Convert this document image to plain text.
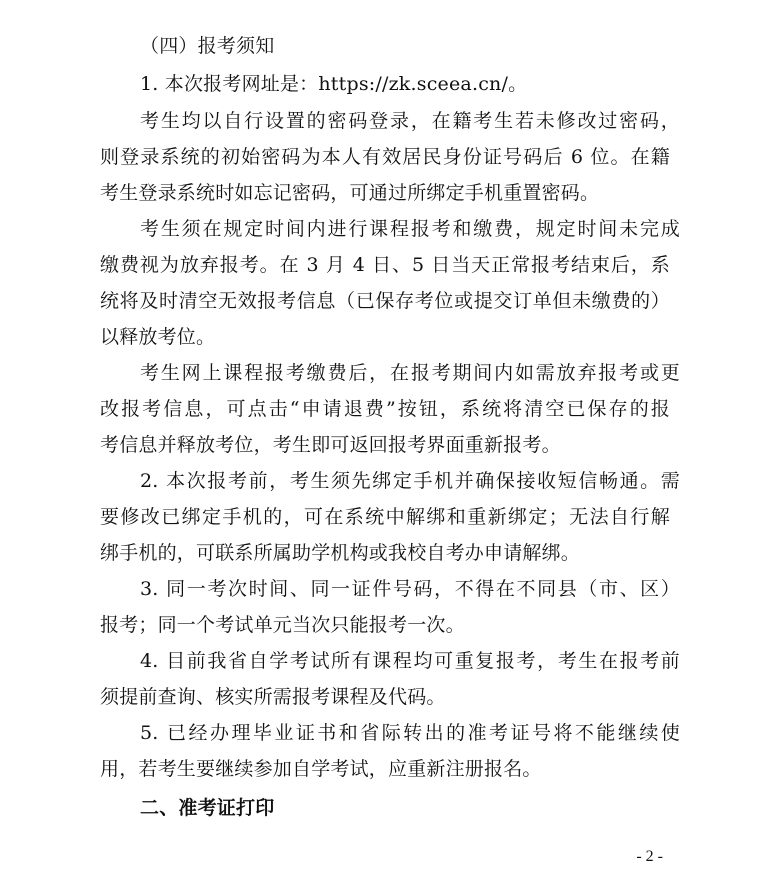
（四）报考须知

1. 本次报考网址是：https://zk.sceea.cn/。

考生均以自行设置的密码登录，在籍考生若未修改过密码，

则登录系统的初始密码为本人有效居民身份证号码后 6 位。在籍

考生登录系统时如忘记密码，可通过所绑定手机重置密码。

考生须在规定时间内进行课程报考和缴费，规定时间未完成

缴费视为放弃报考。在 3 月 4 日、5 日当天正常报考结束后，系

统将及时清空无效报考信息（已保存考位或提交订单但未缴费的）

以释放考位。

考生网上课程报考缴费后，在报考期间内如需放弃报考或更

改报考信息，可点击“申请退费”按钮，系统将清空已保存的报

考信息并释放考位，考生即可返回报考界面重新报考。

2. 本次报考前，考生须先绑定手机并确保接收短信畅通。需

要修改已绑定手机的，可在系统中解绑和重新绑定；无法自行解

绑手机的，可联系所属助学机构或我校自考办申请解绑。

3. 同一考次时间、同一证件号码，不得在不同县（市、区）

报考；同一个考试单元当次只能报考一次。

4. 目前我省自学考试所有课程均可重复报考，考生在报考前

须提前查询、核实所需报考课程及代码。

5. 已经办理毕业证书和省际转出的准考证号将不能继续使

用，若考生要继续参加自学考试，应重新注册报名。

二、准考证打印

- 2 -
